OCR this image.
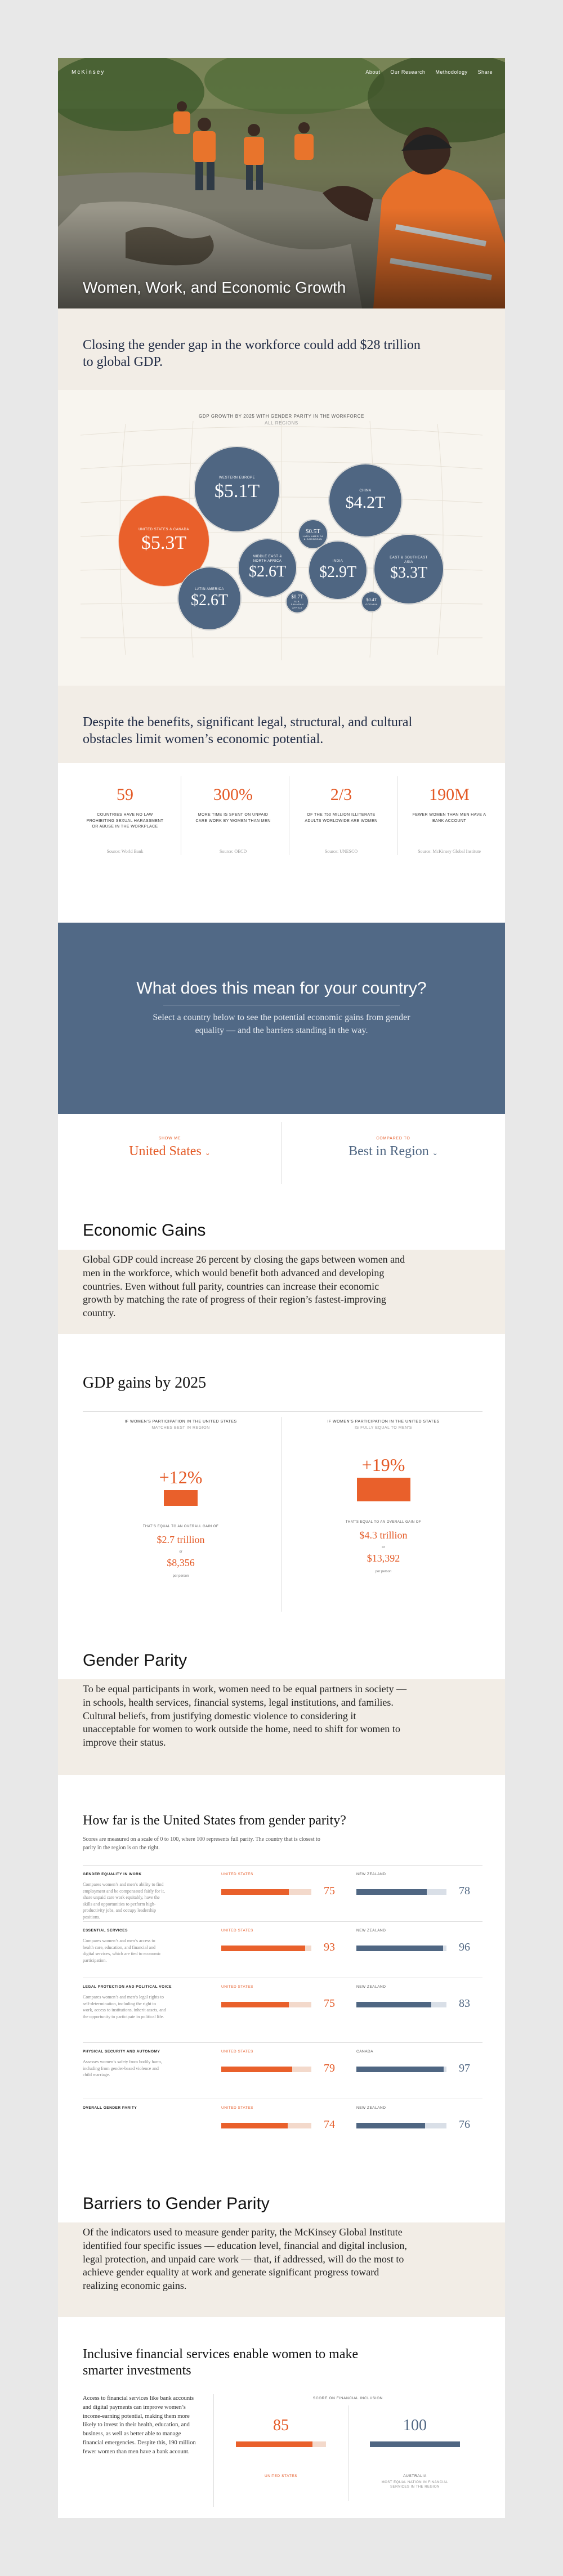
McKinsey	About Our Research Methodology Share
Women, Work, and Economic Growth
Closing the gender gap in the workforce could add $28 trillion to global GDP.
GDP GROWTH BY 2025 WITH GENDER PARITY IN THE WORKFORCE
ALL REGIONS
WESTERN EUROPE
$5.1T	CHINA
$4.2T
UNITED STATES & CANADA
$5.3T
$0.5T
LATIN AMERICA & CARIBBEAN
MIDDLE EAST & NORTH AFRICA
$2.6T
INDIA
$2.9T
EAST & SOUTHEAST ASIA
$3.3T
LATIN AMERICA
$2.6T	$0.7T
SUB-SAHARAN AFRICA
$0.4T
OCEANIA
Despite the benefits, significant legal, structural, and cultural obstacles limit women’s economic potential.
59
COUNTRIES HAVE NO LAW PROHIBITING SEXUAL HARASSMENT OR ABUSE IN THE WORKPLACE
Source: World Bank
300%
MORE TIME IS SPENT ON UNPAID CARE WORK BY WOMEN THAN MEN
Source: OECD
2/3
OF THE 750 MILLION ILLITERATE ADULTS WORLDWIDE ARE WOMEN
Source: UNESCO
190M
FEWER WOMEN THAN MEN HAVE A BANK ACCOUNT
Source: McKinsey Global Institute
What does this mean for your country?

Select a country below to see the potential economic gains from gender equality — and the barriers standing in the way.

SHOW ME
United States ⌄
COMPARED TO
Best in Region ⌄
Economic Gains
Global GDP could increase 26 percent by closing the gaps between women and men in the workforce, which would benefit both advanced and developing countries. Even without full parity, countries can increase their economic growth by matching the rate of progress of their region’s fastest-improving country.
GDP gains by 2025
IF WOMEN’S PARTICIPATION IN THE UNITED STATES
MATCHES BEST IN REGION
+12%
THAT’S EQUAL TO AN OVERALL GAIN OF
$2.7 trillion
or
$8,356
per person
IF WOMEN’S PARTICIPATION IN THE UNITED STATES
IS FULLY EQUAL TO MEN’S
+19%
THAT’S EQUAL TO AN OVERALL GAIN OF
$4.3 trillion
or
$13,392
per person
Gender Parity
To be equal participants in work, women need to be equal partners in society — in schools, health services, financial systems, legal institutions, and families. Cultural beliefs, from justifying domestic violence to considering it unacceptable for women to work outside the home, need to shift for women to improve their status.
How far is the United States from gender parity?
Scores are measured on a scale of 0 to 100, where 100 represents full parity. The country that is closest to parity in the region is on the right.
GENDER EQUALITY IN WORK
Compares women’s and men’s ability to find employment and be compensated fairly for it, share unpaid care work equitably, have the skills and opportunities to perform high-productivity jobs, and occupy leadership positions.
UNITED STATES
75
NEW ZEALAND
78
ESSENTIAL SERVICES
Compares women’s and men’s access to health care, education, and financial and digital services, which are tied to economic participation.
UNITED STATES
93
NEW ZEALAND
96
LEGAL PROTECTION AND POLITICAL VOICE
Compares women’s and men’s legal rights to self-determination, including the right to work, access to institutions, inherit assets, and the opportunity to participate in political life.
UNITED STATES
75
NEW ZEALAND
83
PHYSICAL SECURITY AND AUTONOMY
Assesses women’s safety from bodily harm, including from gender-based violence and child marriage.
UNITED STATES
79
CANADA
97
OVERALL GENDER PARITY	UNITED STATES
74
NEW ZEALAND
76
Barriers to Gender Parity
Of the indicators used to measure gender parity, the McKinsey Global Institute identified four specific issues — education level, financial and digital inclusion, legal protection, and unpaid care work — that, if addressed, will do the most to achieve gender equality at work and generate significant progress toward realizing economic gains.
Inclusive financial services enable women to make smarter investments
Access to financial services like bank accounts and digital payments can improve women’s income-earning potential, making them more likely to invest in their health, education, and business, as well as better able to manage financial emergencies. Despite this, 190 million fewer women than men have a bank account.
SCORE ON FINANCIAL INCLUSION
85
UNITED STATES
100
AUSTRALIA
MOST EQUAL NATION IN FINANCIAL SERVICES IN THE REGION
